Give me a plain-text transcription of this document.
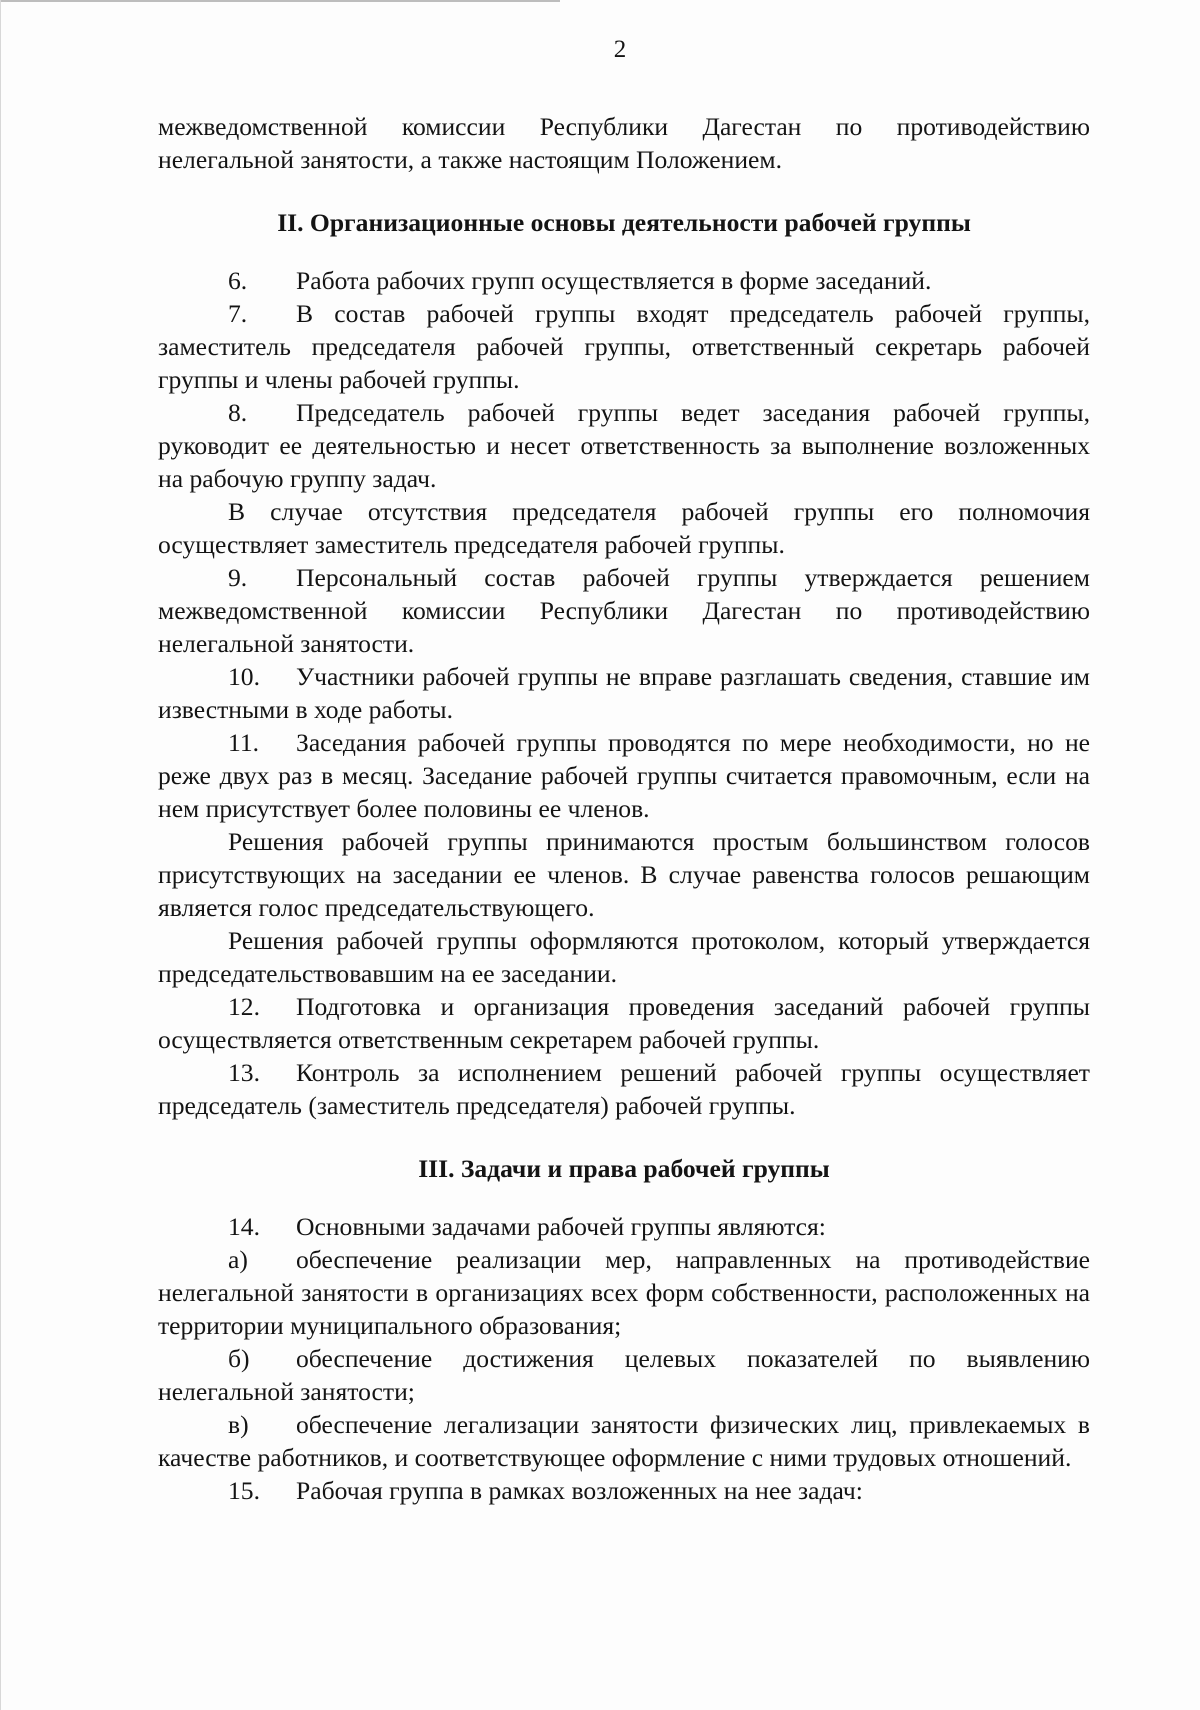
2

межведомственной комиссии Республики Дагестан по противодействию нелегальной занятости, а также настоящим Положением.

II. Организационные основы деятельности рабочей группы

6. Работа рабочих групп осуществляется в форме заседаний.

7. В состав рабочей группы входят председатель рабочей группы, заместитель председателя рабочей группы, ответственный секретарь рабочей группы и члены рабочей группы.

8. Председатель рабочей группы ведет заседания рабочей группы, руководит ее деятельностью и несет ответственность за выполнение возложенных на рабочую группу задач.

В случае отсутствия председателя рабочей группы его полномочия осуществляет заместитель председателя рабочей группы.

9. Персональный состав рабочей группы утверждается решением межведомственной комиссии Республики Дагестан по противодействию нелегальной занятости.

10. Участники рабочей группы не вправе разглашать сведения, ставшие им известными в ходе работы.

11. Заседания рабочей группы проводятся по мере необходимости, но не реже двух раз в месяц. Заседание рабочей группы считается правомочным, если на нем присутствует более половины ее членов.

Решения рабочей группы принимаются простым большинством голосов присутствующих на заседании ее членов. В случае равенства голосов решающим является голос председательствующего.

Решения рабочей группы оформляются протоколом, который утверждается председательствовавшим на ее заседании.

12. Подготовка и организация проведения заседаний рабочей группы осуществляется ответственным секретарем рабочей группы.

13. Контроль за исполнением решений рабочей группы осуществляет председатель (заместитель председателя) рабочей группы.

III. Задачи и права рабочей группы

14. Основными задачами рабочей группы являются:

а) обеспечение реализации мер, направленных на противодействие нелегальной занятости в организациях всех форм собственности, расположенных на территории муниципального образования;

б) обеспечение достижения целевых показателей по выявлению нелегальной занятости;

в) обеспечение легализации занятости физических лиц, привлекаемых в качестве работников, и соответствующее оформление с ними трудовых отношений.

15. Рабочая группа в рамках возложенных на нее задач:
